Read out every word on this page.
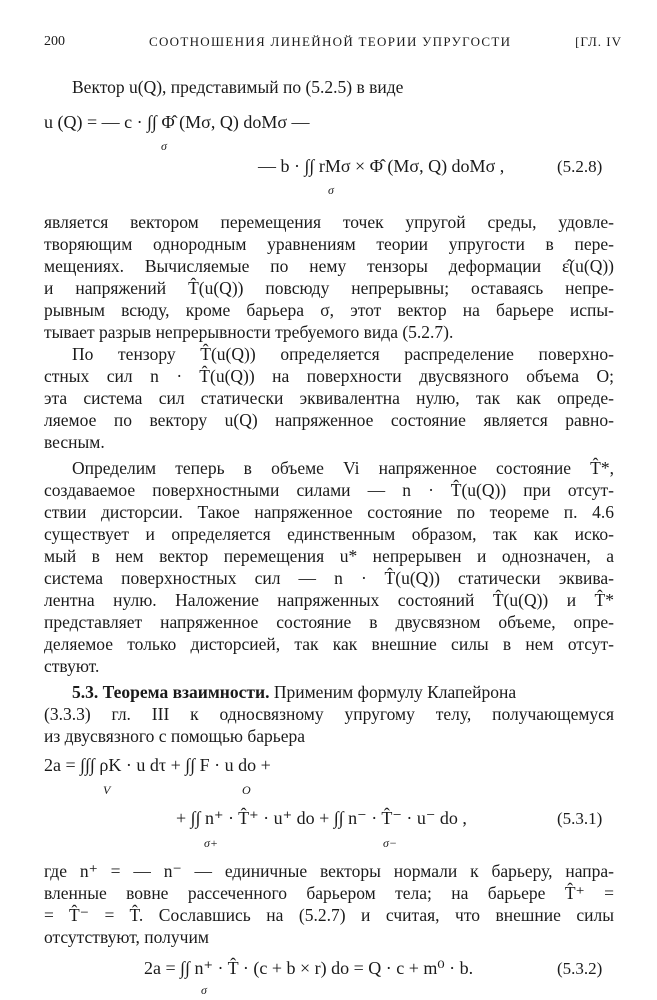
200	СООТНОШЕНИЯ ЛИНЕЙНОЙ ТЕОРИИ УПРУГОСТИ	[ГЛ. IV
Вектор u(Q), представимый по (5.2.5) в виде
u (Q) = — c · ∫∫ Φ̂ (Mσ, Q) doMσ —
σ
— b · ∫∫ rMσ × Φ̂ (Mσ, Q) doMσ ,
σ
(5.2.8)
является вектором перемещения точек упругой среды, удовле-
творяющим однородным уравнениям теории упругости в пере-
мещениях. Вычисляемые по нему тензоры деформации ε̂(u(Q))
и напряжений T̂(u(Q)) повсюду непрерывны; оставаясь непре-
рывным всюду, кроме барьера σ, этот вектор на барьере испы-
тывает разрыв непрерывности требуемого вида (5.2.7).
По тензору T̂(u(Q)) определяется распределение поверхно-
стных сил n · T̂(u(Q)) на поверхности двусвязного объема O;
эта система сил статически эквивалентна нулю, так как опреде-
ляемое по вектору u(Q) напряженное состояние является равно-
весным.
Определим теперь в объеме Vi напряженное состояние T̂*,
создаваемое поверхностными силами — n · T̂(u(Q)) при отсут-
ствии дисторсии. Такое напряженное состояние по теореме п. 4.6
существует и определяется единственным образом, так как иско-
мый в нем вектор перемещения u* непрерывен и однозначен, а
система поверхностных сил — n · T̂(u(Q)) статически эквива-
лентна нулю. Наложение напряженных состояний T̂(u(Q)) и T̂*
представляет напряженное состояние в двусвязном объеме, опре-
деляемое только дисторсией, так как внешние силы в нем отсут-
ствуют.
5.3. Теорема взаимности. Применим формулу Клапейрона
(3.3.3) гл. III к односвязному упругому телу, получающемуся
из двусвязного с помощью барьера
2a = ∫∫∫ ρK · u dτ + ∫∫ F · u do +
V	O
+ ∫∫ n⁺ · T̂⁺ · u⁺ do + ∫∫ n⁻ · T̂⁻ · u⁻ do ,
σ+	σ−
(5.3.1)
где n⁺ = — n⁻ — единичные векторы нормали к барьеру, напра-
вленные вовне рассеченного барьером тела; на барьере T̂⁺ =
= T̂⁻ = T̂. Сославшись на (5.2.7) и считая, что внешние силы
отсутствуют, получим
2a = ∫∫ n⁺ · T̂ · (c + b × r) do = Q · c + m⁰ · b.
σ
(5.3.2)
